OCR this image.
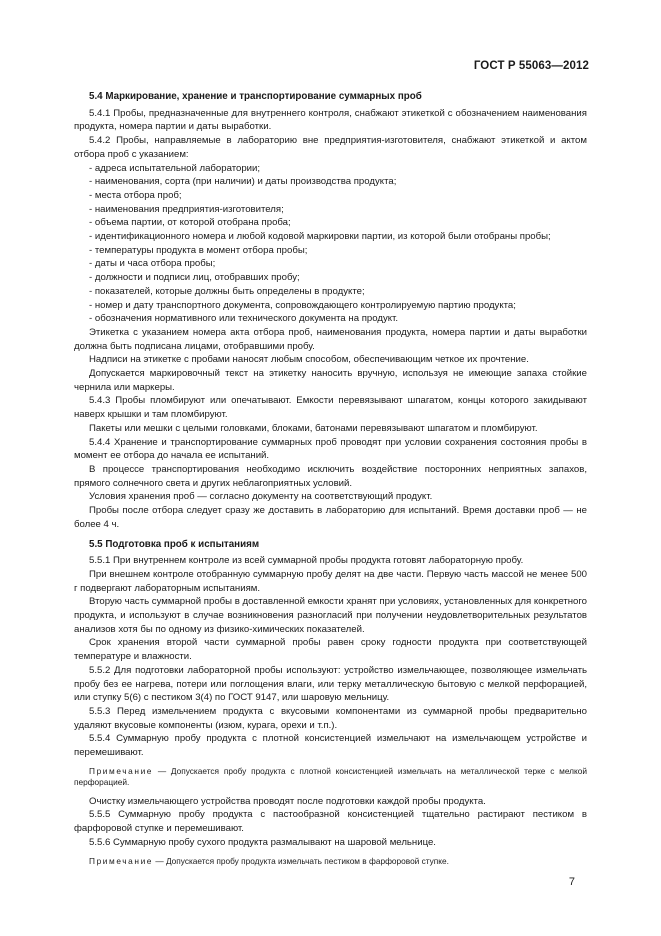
ГОСТ Р 55063—2012

5.4 Маркирование, хранение и транспортирование суммарных проб

5.4.1 Пробы, предназначенные для внутреннего контроля, снабжают этикеткой с обозначением наименования продукта, номера партии и даты выработки.

5.4.2 Пробы, направляемые в лабораторию вне предприятия-изготовителя, снабжают этикеткой и актом отбора проб с указанием:

- адреса испытательной лаборатории;

- наименования, сорта (при наличии) и даты производства продукта;

- места отбора проб;

- наименования предприятия-изготовителя;

- объема партии, от которой отобрана проба;

- идентификационного номера и любой кодовой маркировки партии, из которой были отобраны пробы;

- температуры продукта в момент отбора пробы;

- даты и часа отбора пробы;

- должности и подписи лиц, отобравших пробу;

- показателей, которые должны быть определены в продукте;

- номер и дату транспортного документа, сопровождающего контролируемую партию продукта;

- обозначения нормативного или технического документа на продукт.

Этикетка с указанием номера акта отбора проб, наименования продукта, номера партии и даты выработки должна быть подписана лицами, отобравшими пробу.

Надписи на этикетке с пробами наносят любым способом, обеспечивающим четкое их прочтение.

Допускается маркировочный текст на этикетку наносить вручную, используя не имеющие запаха стойкие чернила или маркеры.

5.4.3 Пробы пломбируют или опечатывают. Емкости перевязывают шпагатом, концы которого закидывают наверх крышки и там пломбируют.

Пакеты или мешки с целыми головками, блоками, батонами перевязывают шпагатом и пломбируют.

5.4.4 Хранение и транспортирование суммарных проб проводят при условии сохранения состояния пробы в момент ее отбора до начала ее испытаний.

В процессе транспортирования необходимо исключить воздействие посторонних неприятных запахов, прямого солнечного света и других неблагоприятных условий.

Условия хранения проб — согласно документу на соответствующий продукт.

Пробы после отбора следует сразу же доставить в лабораторию для испытаний. Время доставки проб — не более 4 ч.

5.5 Подготовка проб к испытаниям

5.5.1 При внутреннем контроле из всей суммарной пробы продукта готовят лабораторную пробу.

При внешнем контроле отобранную суммарную пробу делят на две части. Первую часть массой не менее 500 г подвергают лабораторным испытаниям.

Вторую часть суммарной пробы в доставленной емкости хранят при условиях, установленных для конкретного продукта, и используют в случае возникновения разногласий при получении неудовлетворительных результатов анализов хотя бы по одному из физико-химических показателей.

Срок хранения второй части суммарной пробы равен сроку годности продукта при соответствующей температуре и влажности.

5.5.2 Для подготовки лабораторной пробы используют: устройство измельчающее, позволяющее измельчать пробу без ее нагрева, потери или поглощения влаги, или терку металлическую бытовую с мелкой перфорацией, или ступку 5(6) с пестиком 3(4) по ГОСТ 9147, или шаровую мельницу.

5.5.3 Перед измельчением продукта с вкусовыми компонентами из суммарной пробы предварительно удаляют вкусовые компоненты (изюм, курага, орехи и т.п.).

5.5.4 Суммарную пробу продукта с плотной консистенцией измельчают на измельчающем устройстве и перемешивают.

Примечание — Допускается пробу продукта с плотной консистенцией измельчать на металлической терке с мелкой перфорацией.

Очистку измельчающего устройства проводят после подготовки каждой пробы продукта.

5.5.5 Суммарную пробу продукта с пастообразной консистенцией тщательно растирают пестиком в фарфоровой ступке и перемешивают.

5.5.6 Суммарную пробу сухого продукта размалывают на шаровой мельнице.

Примечание — Допускается пробу продукта измельчать пестиком в фарфоровой ступке.

7
